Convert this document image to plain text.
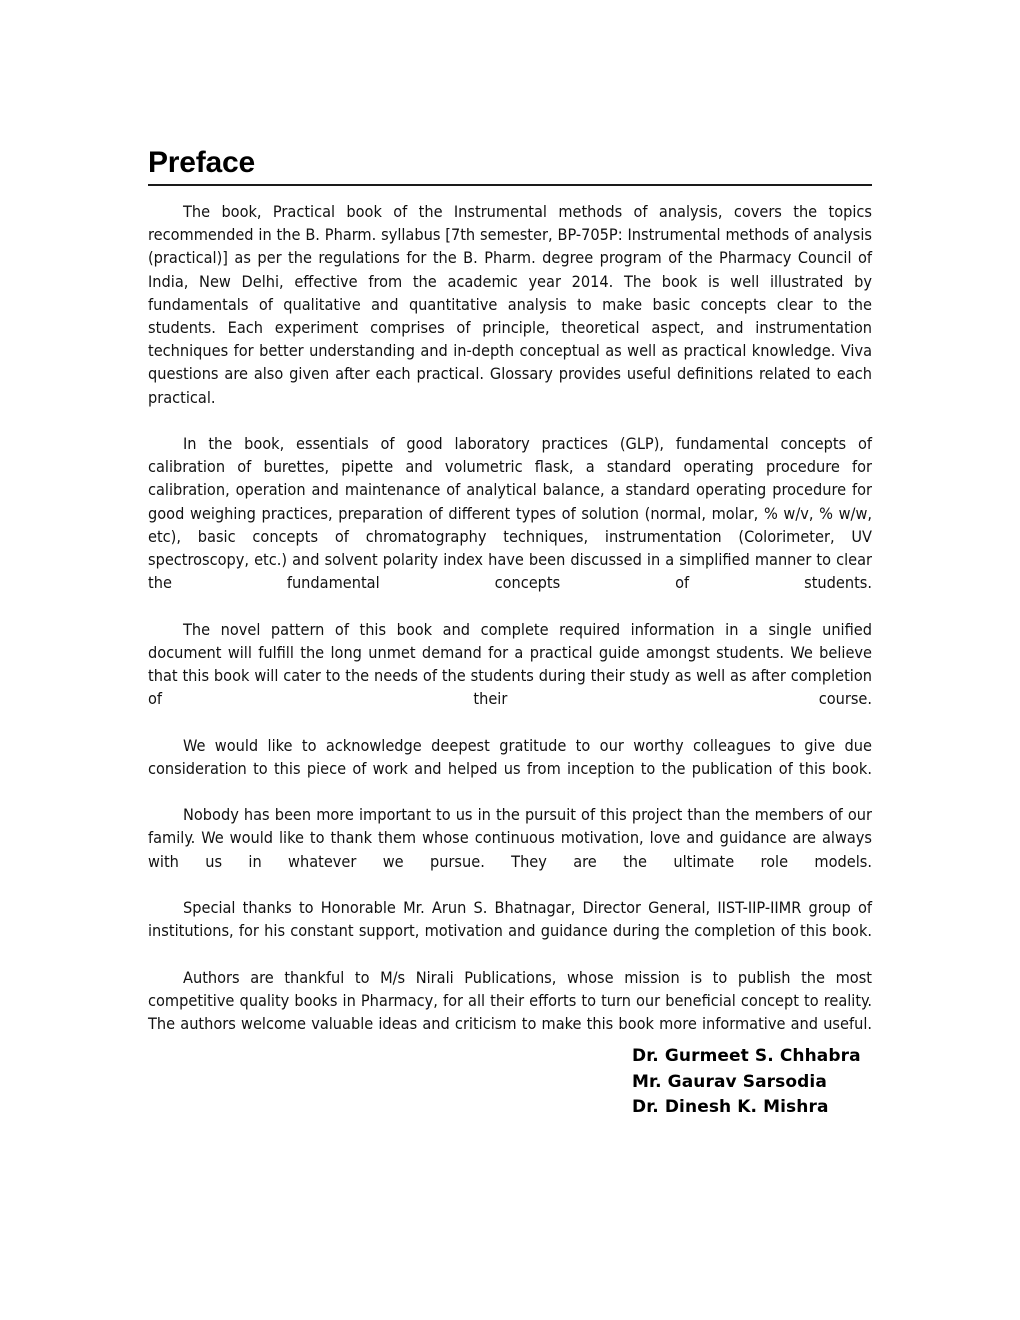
Preface

The book, Practical book of the Instrumental methods of analysis, covers the topics recommended in the B. Pharm. syllabus [7th semester, BP-705P: Instrumental methods of analysis (practical)] as per the regulations for the B. Pharm. degree program of the Pharmacy Council of India, New Delhi, effective from the academic year 2014. The book is well illustrated by fundamentals of qualitative and quantitative analysis to make basic concepts clear to the students. Each experiment comprises of principle, theoretical aspect, and instrumentation techniques for better understanding and in-depth conceptual as well as practical knowledge. Viva questions are also given after each practical. Glossary provides useful definitions related to each practical.

In the book, essentials of good laboratory practices (GLP), fundamental concepts of calibration of burettes, pipette and volumetric flask, a standard operating procedure for calibration, operation and maintenance of analytical balance, a standard operating procedure for good weighing practices, preparation of different types of solution (normal, molar, % w/v, % w/w, etc), basic concepts of chromatography techniques, instrumentation (Colorimeter, UV spectroscopy, etc.) and solvent polarity index have been discussed in a simplified manner to clear the fundamental concepts of students.

The novel pattern of this book and complete required information in a single unified document will fulfill the long unmet demand for a practical guide amongst students. We believe that this book will cater to the needs of the students during their study as well as after completion of their course.

We would like to acknowledge deepest gratitude to our worthy colleagues to give due consideration to this piece of work and helped us from inception to the publication of this book.

Nobody has been more important to us in the pursuit of this project than the members of our family. We would like to thank them whose continuous motivation, love and guidance are always with us in whatever we pursue. They are the ultimate role models.

Special thanks to Honorable Mr. Arun S. Bhatnagar, Director General, IIST-IIP-IIMR group of institutions, for his constant support, motivation and guidance during the completion of this book.

Authors are thankful to M/s Nirali Publications, whose mission is to publish the most competitive quality books in Pharmacy, for all their efforts to turn our beneficial concept to reality. The authors welcome valuable ideas and criticism to make this book more informative and useful.

Dr. Gurmeet S. Chhabra
Mr. Gaurav Sarsodia
Dr. Dinesh K. Mishra
